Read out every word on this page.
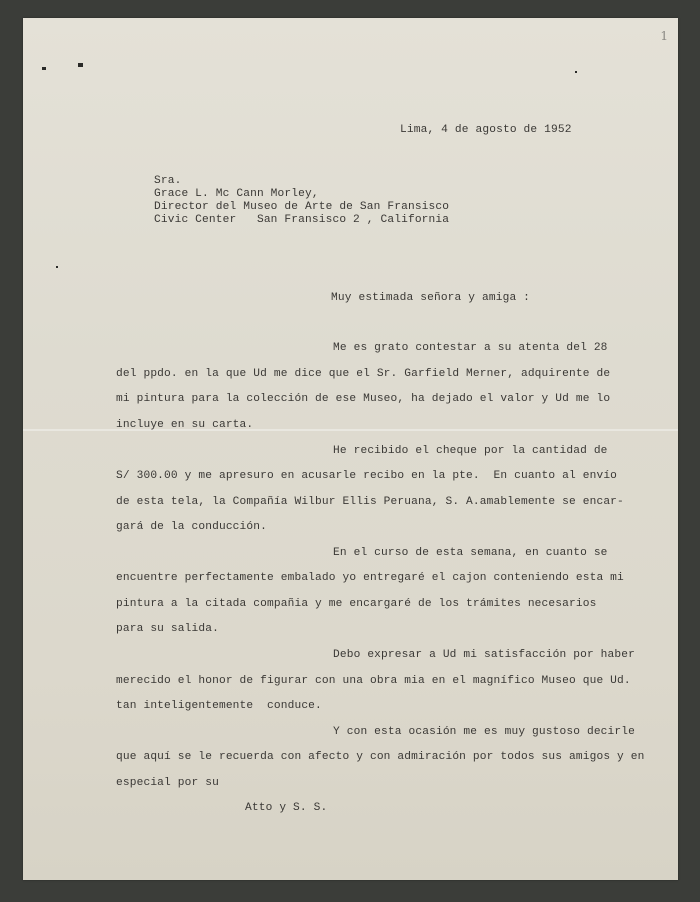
1
Lima, 4 de agosto de 1952
Sra.
Grace L. Mc Cann Morley,
Director del Museo de Arte de San Fransisco
Civic Center   San Fransisco 2 , California
Muy estimada señora y amiga :
Me es grato contestar a su atenta del 28
del ppdo. en la que Ud me dice que el Sr. Garfield Merner, adquirente de
mi pintura para la colección de ese Museo, ha dejado el valor y Ud me lo
incluye en su carta.
He recibido el cheque por la cantidad de
S/ 300.00 y me apresuro en acusarle recibo en la pte.  En cuanto al envío
de esta tela, la Compañía Wilbur Ellis Peruana, S. A.amablemente se encar-
gará de la conducción.
En el curso de esta semana, en cuanto se
encuentre perfectamente embalado yo entregaré el cajon conteniendo esta mi
pintura a la citada compañia y me encargaré de los trámites necesarios
para su salida.
Debo expresar a Ud mi satisfacción por haber
merecido el honor de figurar con una obra mia en el magnífico Museo que Ud.
tan inteligentemente  conduce.
Y con esta ocasión me es muy gustoso decirle
que aquí se le recuerda con afecto y con admiración por todos sus amigos y en
especial por su
Atto y S. S.
